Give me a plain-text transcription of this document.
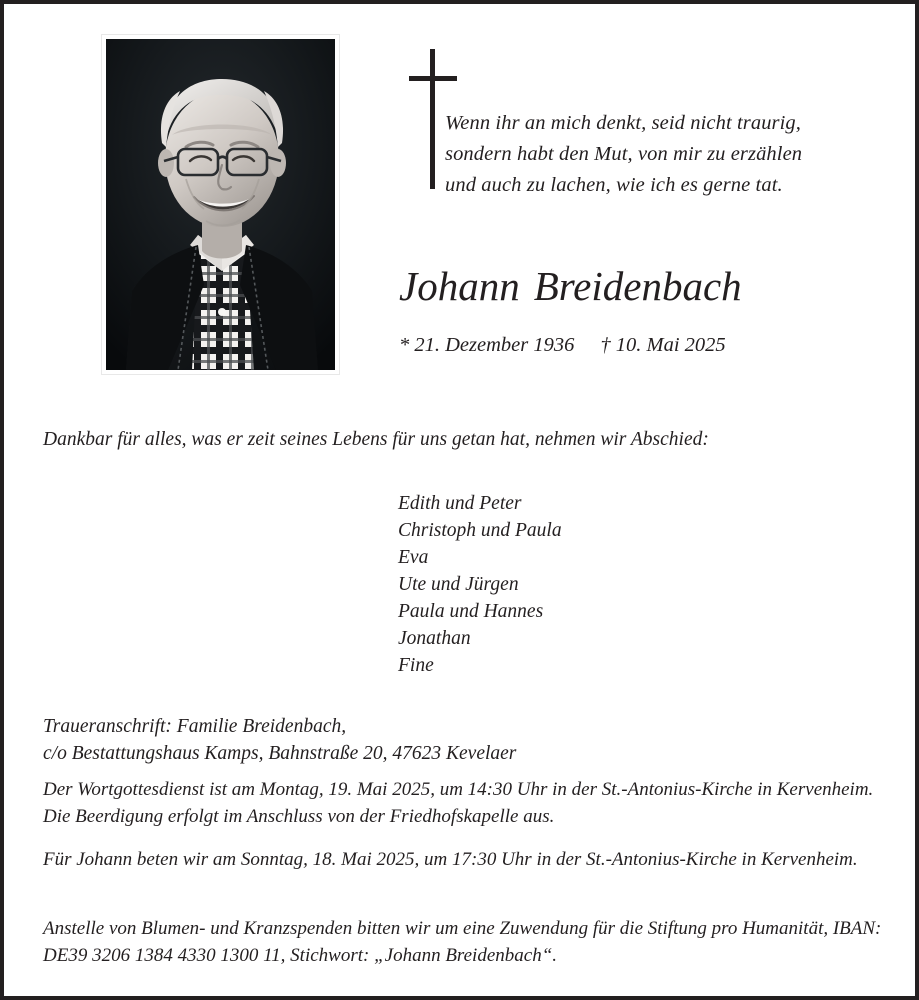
Wenn ihr an mich denkt, seid nicht traurig,
sondern habt den Mut, von mir zu erzählen
und auch zu lachen, wie ich es gerne tat.
Johann Breidenbach
* 21. Dezember 1936 † 10. Mai 2025
Dankbar für alles, was er zeit seines Lebens für uns getan hat, nehmen wir Abschied:
Edith und Peter
Christoph und Paula
Eva
Ute und Jürgen
Paula und Hannes
Jonathan
Fine
Traueranschrift: Familie Breidenbach,
c/o Bestattungshaus Kamps, Bahnstraße 20, 47623 Kevelaer
Der Wortgottesdienst ist am Montag, 19. Mai 2025, um 14:30 Uhr in der St.-Antonius-Kirche in Kervenheim. Die Beerdigung erfolgt im Anschluss von der Friedhofskapelle aus.
Für Johann beten wir am Sonntag, 18. Mai 2025, um 17:30 Uhr in der St.-Antonius-Kirche in Kervenheim.
Anstelle von Blumen- und Kranzspenden bitten wir um eine Zuwendung für die Stiftung pro Humanität, IBAN: DE39 3206 1384 4330 1300 11, Stichwort: „Johann Breidenbach“.
